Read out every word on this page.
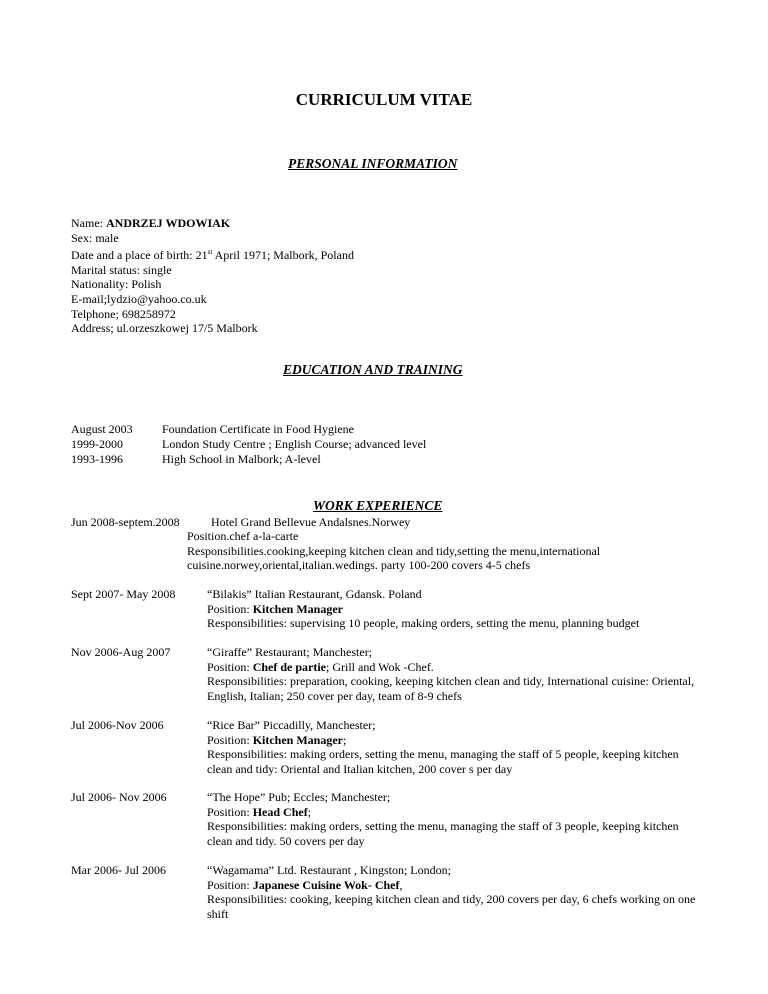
CURRICULUM VITAE
PERSONAL INFORMATION
Name: ANDRZEJ WDOWIAK
Sex: male
Date and a place of birth: 21st April 1971; Malbork, Poland
Marital status: single
Nationality: Polish
E-mail;lydzio@yahoo.co.uk
Telphone; 698258972
Address; ul.orzeszkowej 17/5 Malbork
EDUCATION AND TRAINING
August 2003 Foundation Certificate in Food Hygiene
1999-2000	London Study Centre ; English Course; advanced level
1993-1996	High School in Malbork; A-level
WORK EXPERIENCE
Jun 2008-septem.2008	Hotel Grand Bellevue Andalsnes.Norwey
Position.chef a-la-carte
Responsibilities.cooking,keeping kitchen clean and tidy,setting the menu,international
cuisine.norwey,oriental,italian.wedings. party 100-200 covers 4-5 chefs
Sept 2007- May 2008	“Bilakis” Italian Restaurant, Gdansk. Poland
Position: Kitchen Manager
Responsibilities: supervising 10 people, making orders, setting the menu, planning budget
Nov 2006-Aug 2007	“Giraffe” Restaurant; Manchester;
Position: Chef de partie; Grill and Wok -Chef.
Responsibilities: preparation, cooking, keeping kitchen clean and tidy, International cuisine: Oriental, English, Italian; 250 cover per day, team of 8-9 chefs
Jul 2006-Nov 2006	“Rice Bar” Piccadilly, Manchester;
Position: Kitchen Manager;
Responsibilities: making orders, setting the menu, managing the staff of 5 people, keeping kitchen clean and tidy: Oriental and Italian kitchen, 200 cover s per day
Jul 2006- Nov 2006	“The Hope” Pub; Eccles; Manchester;
Position: Head Chef;
Responsibilities: making orders, setting the menu, managing the staff of 3 people, keeping kitchen clean and tidy. 50 covers per day
Mar 2006- Jul 2006	“Wagamama” Ltd. Restaurant , Kingston; London;
Position: Japanese Cuisine Wok- Chef,
Responsibilities: cooking, keeping kitchen clean and tidy, 200 covers per day, 6 chefs working on one shift
